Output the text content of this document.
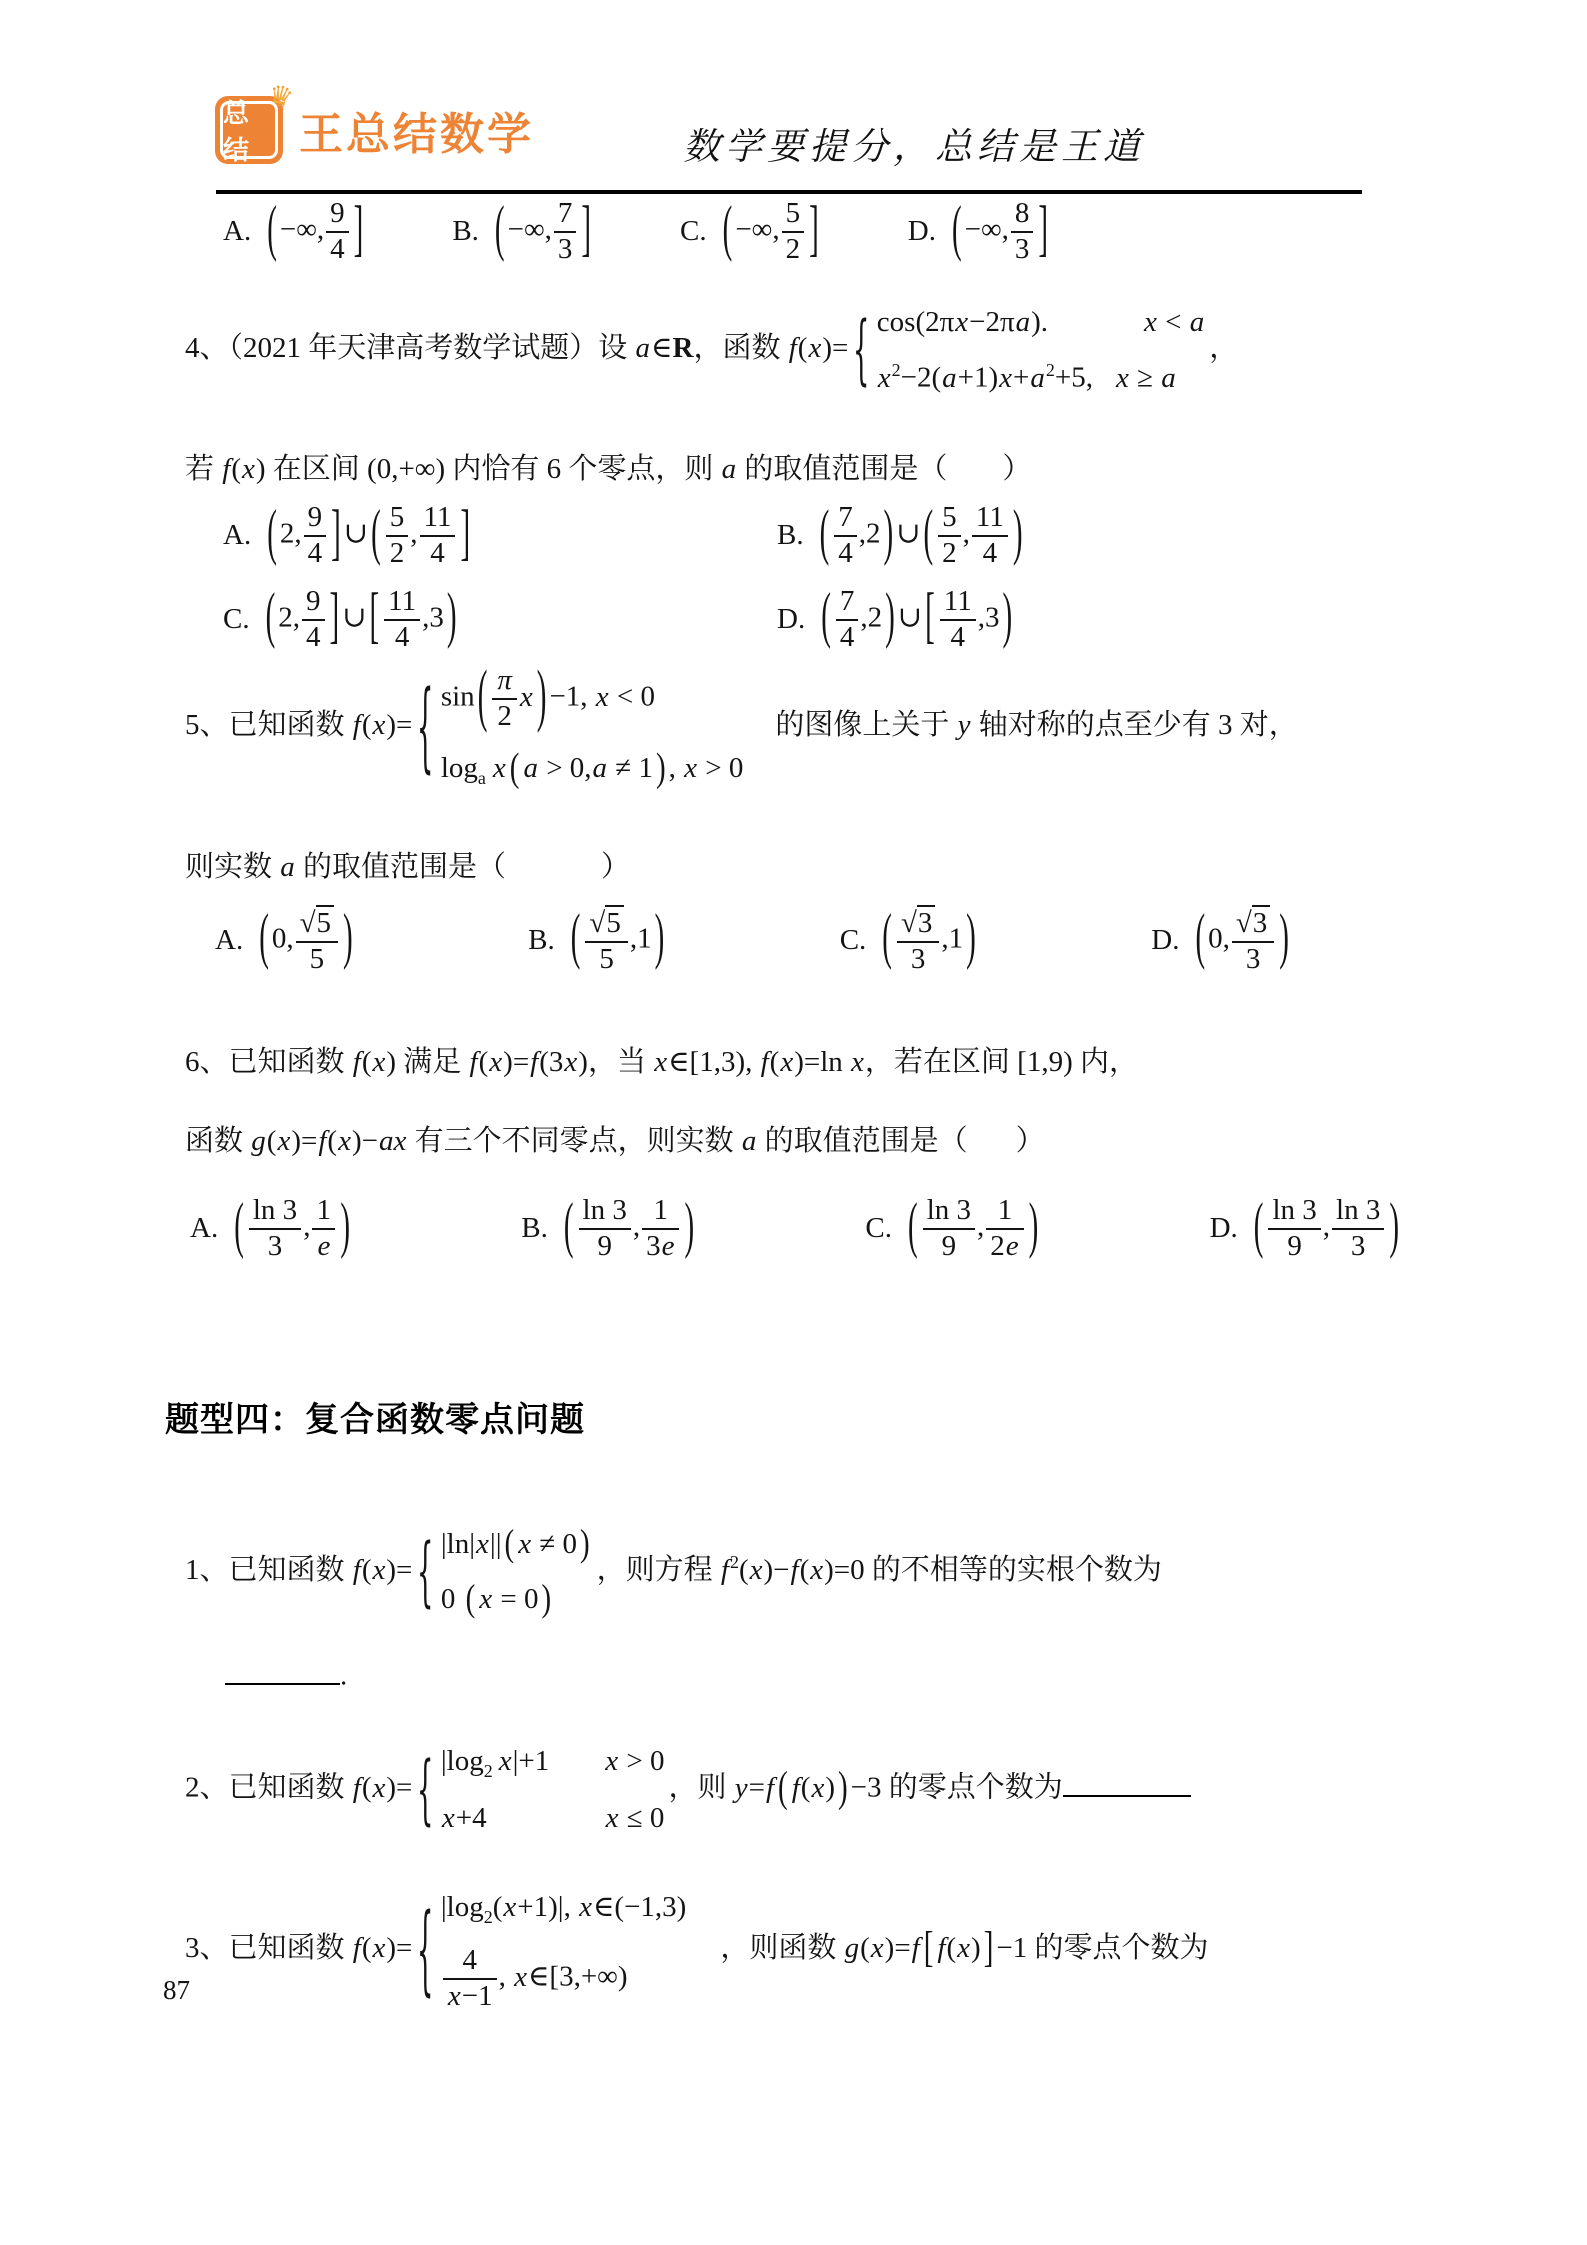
♛
总结	王总结数学	数学要提分，总结是王道
A. ( −∞, $\frac{9}{4}$ ]	B. ( −∞, $\frac{7}{3}$ ]	C. ( −∞, $\frac{5}{2}$ ]	D. ( −∞, $\frac{8}{3}$ ]
4、（2021 年天津高考数学试题）设 a∈R，函数 f(x)= { cos(2πx−2πa).	x < a
$x^2-2(a+1)x+a^2+5$, x ≥ a
，
若 f(x) 在区间 (0,+∞) 内恰有 6 个零点，则 a 的取值范围是（ ）
A. ( 2, $\frac{9}{4}$ ] ∪ ( $\frac{5}{2}$ , $\frac{11}{4}$ ]	B. ( $\frac{7}{4} ,2$ ) ∪ ( $\frac{5}{2}$ , $\frac{11}{4}$ )
C. ( 2, $\frac{9}{4}$ ] ∪ [ $\frac{11}{4} ,3$ )	D. ( $\frac{7}{4} ,2$ ) ∪ [ $\frac{11}{4} ,3$ )
5、已知函数 f(x)= { sin ( $\frac{\pi}{2}$ x ) −1, x < 0
$\log_a x$ ( a > 0,a ≠ 1 ) , x > 0
的图像上关于 y 轴对称的点至少有 3 对，
则实数 a 的取值范围是（	）
A. ( 0, $\frac{√ 5}{5}$ )	B. ( $\frac{√ 5}{5} ,1$ )	C. ( $\frac{√ 3}{3} ,1$ )	D. ( 0, $\frac{√ 3}{3}$ )
6、已知函数 f(x) 满足 f(x)=f(3x)，当 x∈[1,3), f(x)=ln x，若在区间 [1,9) 内，
函数 g(x)=f(x)−ax 有三个不同零点，则实数 a 的取值范围是（ ）
A. ( $\frac{\ln 3}{3}$ , $\frac{1}{e}$ )	B. ( $\frac{\ln 3}{9}$ , $\frac{1}{3e}$ )	C. ( $\frac{\ln 3}{9}$ , $\frac{1}{2e}$ )	D. ( $\frac{\ln 3}{9}$ , $\frac{\ln 3}{3}$ )
题型四：复合函数零点问题
1、已知函数 f(x)= { |ln|x|| ( x ≠ 0 )
0 ( x = 0 )
，则方程 $f^2(x)-f(x)=0$ 的不相等的实根个数为
.
2、已知函数 f(x)= { $|\log_2$ x|+1 x > 0
x+4	x ≤ 0
，则 y=f ( f(x) ) −3 的零点个数为
3、已知函数 f(x)= { $|\log_2(x+1)|$, x∈(−1,3)
$\frac{4}{x-1}$ , x∈[3,+∞)
，则函数 g(x)=f [ f(x) ] −1 的零点个数为
87
